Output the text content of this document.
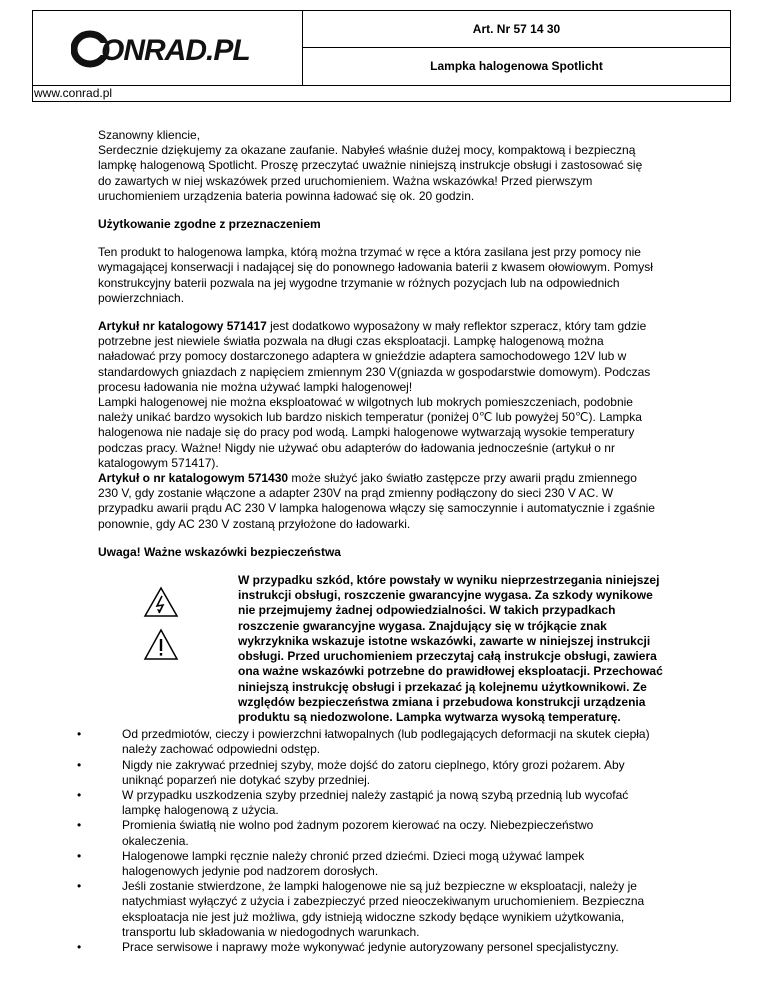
ONRAD.PL
Art. Nr 57 14 30
Lampka halogenowa Spotlicht
www.conrad.pl

Szanowny kliencie,
Serdecznie dziękujemy za okazane zaufanie. Nabyłeś właśnie dużej mocy, kompaktową i bezpieczną lampkę halogenową Spotlicht. Proszę przeczytać uważnie niniejszą instrukcje obsługi i zastosować się do zawartych w niej wskazówek przed uruchomieniem. Ważna wskazówka! Przed pierwszym uruchomieniem urządzenia bateria powinna ładować się ok. 20 godzin.

Użytkowanie zgodne z przeznaczeniem

Ten produkt to halogenowa lampka, którą można trzymać w ręce a która zasilana jest przy pomocy nie wymagającej konserwacji i nadającej się do ponownego ładowania baterii z kwasem ołowiowym. Pomysł konstrukcyjny baterii pozwala na jej wygodne trzymanie w różnych pozycjach lub na odpowiednich powierzchniach.

Artykuł nr katalogowy 571417 jest dodatkowo wyposażony w mały reflektor szperacz, który tam gdzie potrzebne jest niewiele światła pozwala na długi czas eksploatacji. Lampkę halogenową można naładować przy pomocy dostarczonego adaptera w gnieździe adaptera samochodowego 12V lub w standardowych gniazdach z napięciem zmiennym 230 V(gniazda w gospodarstwie domowym). Podczas procesu ładowania nie można używać lampki halogenowej!
Lampki halogenowej nie można eksploatować w wilgotnych lub mokrych pomieszczeniach, podobnie należy unikać bardzo wysokich lub bardzo niskich temperatur (poniżej 0℃ lub powyżej 50℃). Lampka halogenowa nie nadaje się do pracy pod wodą. Lampki halogenowe wytwarzają wysokie temperatury podczas pracy. Ważne! Nigdy nie używać obu adapterów do ładowania jednocześnie (artykuł o nr katalogowym 571417).
Artykuł o nr katalogowym 571430 może służyć jako światło zastępcze przy awarii prądu zmiennego 230 V, gdy zostanie włączone a adapter 230V na prąd zmienny podłączony do sieci 230 V AC. W przypadku awarii prądu AC 230 V lampka halogenowa włączy się samoczynnie i automatycznie i zgaśnie ponownie, gdy AC 230 V zostaną przyłożone do ładowarki.

Uwaga! Ważne wskazówki bezpieczeństwa

W przypadku szkód, które powstały w wyniku nieprzestrzegania niniejszej instrukcji obsługi, roszczenie gwarancyjne wygasa. Za szkody wynikowe nie przejmujemy żadnej odpowiedzialności. W takich przypadkach roszczenie gwarancyjne wygasa. Znajdujący się w trójkącie znak wykrzyknika wskazuje istotne wskazówki, zawarte w niniejszej instrukcji obsługi. Przed uruchomieniem przeczytaj całą instrukcje obsługi, zawiera ona ważne wskazówki potrzebne do prawidłowej eksploatacji. Przechować niniejszą instrukcję obsługi i przekazać ją kolejnemu użytkownikowi. Ze względów bezpieczeństwa zmiana i przebudowa konstrukcji urządzenia produktu są niedozwolone. Lampka wytwarza wysoką temperaturę.
•	Od przedmiotów, cieczy i powierzchni łatwopalnych (lub podlegających deformacji na skutek ciepła) należy zachować odpowiedni odstęp.
•	Nigdy nie zakrywać przedniej szyby, może dojść do zatoru cieplnego, który grozi pożarem. Aby uniknąć poparzeń nie dotykać szyby przedniej.
•	W przypadku uszkodzenia szyby przedniej należy zastąpić ja nową szybą przednią lub wycofać lampkę halogenową z użycia.
•	Promienia światłą nie wolno pod żadnym pozorem kierować na oczy. Niebezpieczeństwo okaleczenia.
•	Halogenowe lampki ręcznie należy chronić przed dziećmi. Dzieci mogą używać lampek halogenowych jedynie pod nadzorem dorosłych.
•	Jeśli zostanie stwierdzone, że lampki halogenowe nie są już bezpieczne w eksploatacji, należy je natychmiast wyłączyć z użycia i zabezpieczyć przed nieoczekiwanym uruchomieniem. Bezpieczna eksploatacja nie jest już możliwa, gdy istnieją widoczne szkody będące wynikiem użytkowania, transportu lub składowania w niedogodnych warunkach.
•	Prace serwisowe i naprawy może wykonywać jedynie autoryzowany personel specjalistyczny.
